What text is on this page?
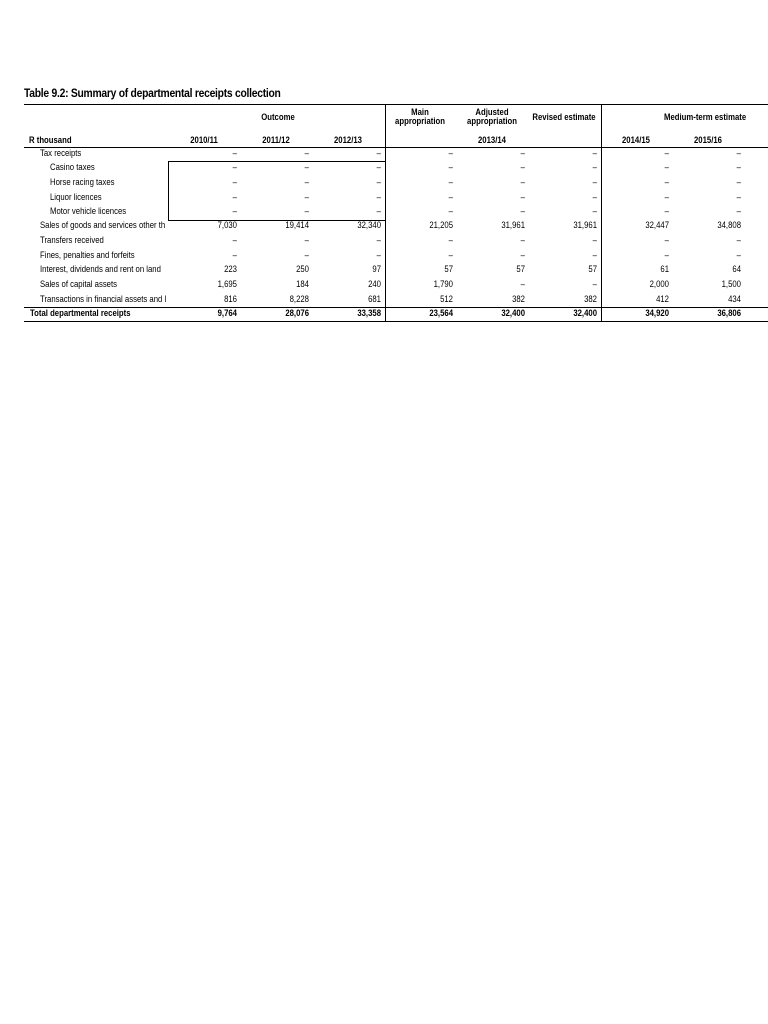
Table 9.2: Summary of departmental receipts collection
Outcome	Main
appropriation
Adjusted
appropriation	Revised estimate	Medium-term estimate
R thousand	2010/11	2011/12	2012/13	2013/14	2014/15	2015/16
Tax receipts	–	–	–	–	–	–	–	–
Casino taxes	–	–	–	–	–	–	–	–
Horse racing taxes	–	–	–	–	–	–	–	–
Liquor licences	–	–	–	–	–	–	–	–
Motor vehicle licences	–	–	–	–	–	–	–	–
Sales of goods and services other th	7,030	19,414	32,340	21,205	31,961	31,961	32,447	34,808
Transfers received	–	–	–	–	–	–	–	–
Fines, penalties and forfeits	–	–	–	–	–	–	–	–
Interest, dividends and rent on land	223	250	97	57	57	57	61	64
Sales of capital assets	1,695	184	240	1,790	–	–	2,000	1,500
Transactions in financial assets and l	816	8,228	681	512	382	382	412	434
Total departmental receipts	9,764	28,076	33,358	23,564	32,400	32,400	34,920	36,806
